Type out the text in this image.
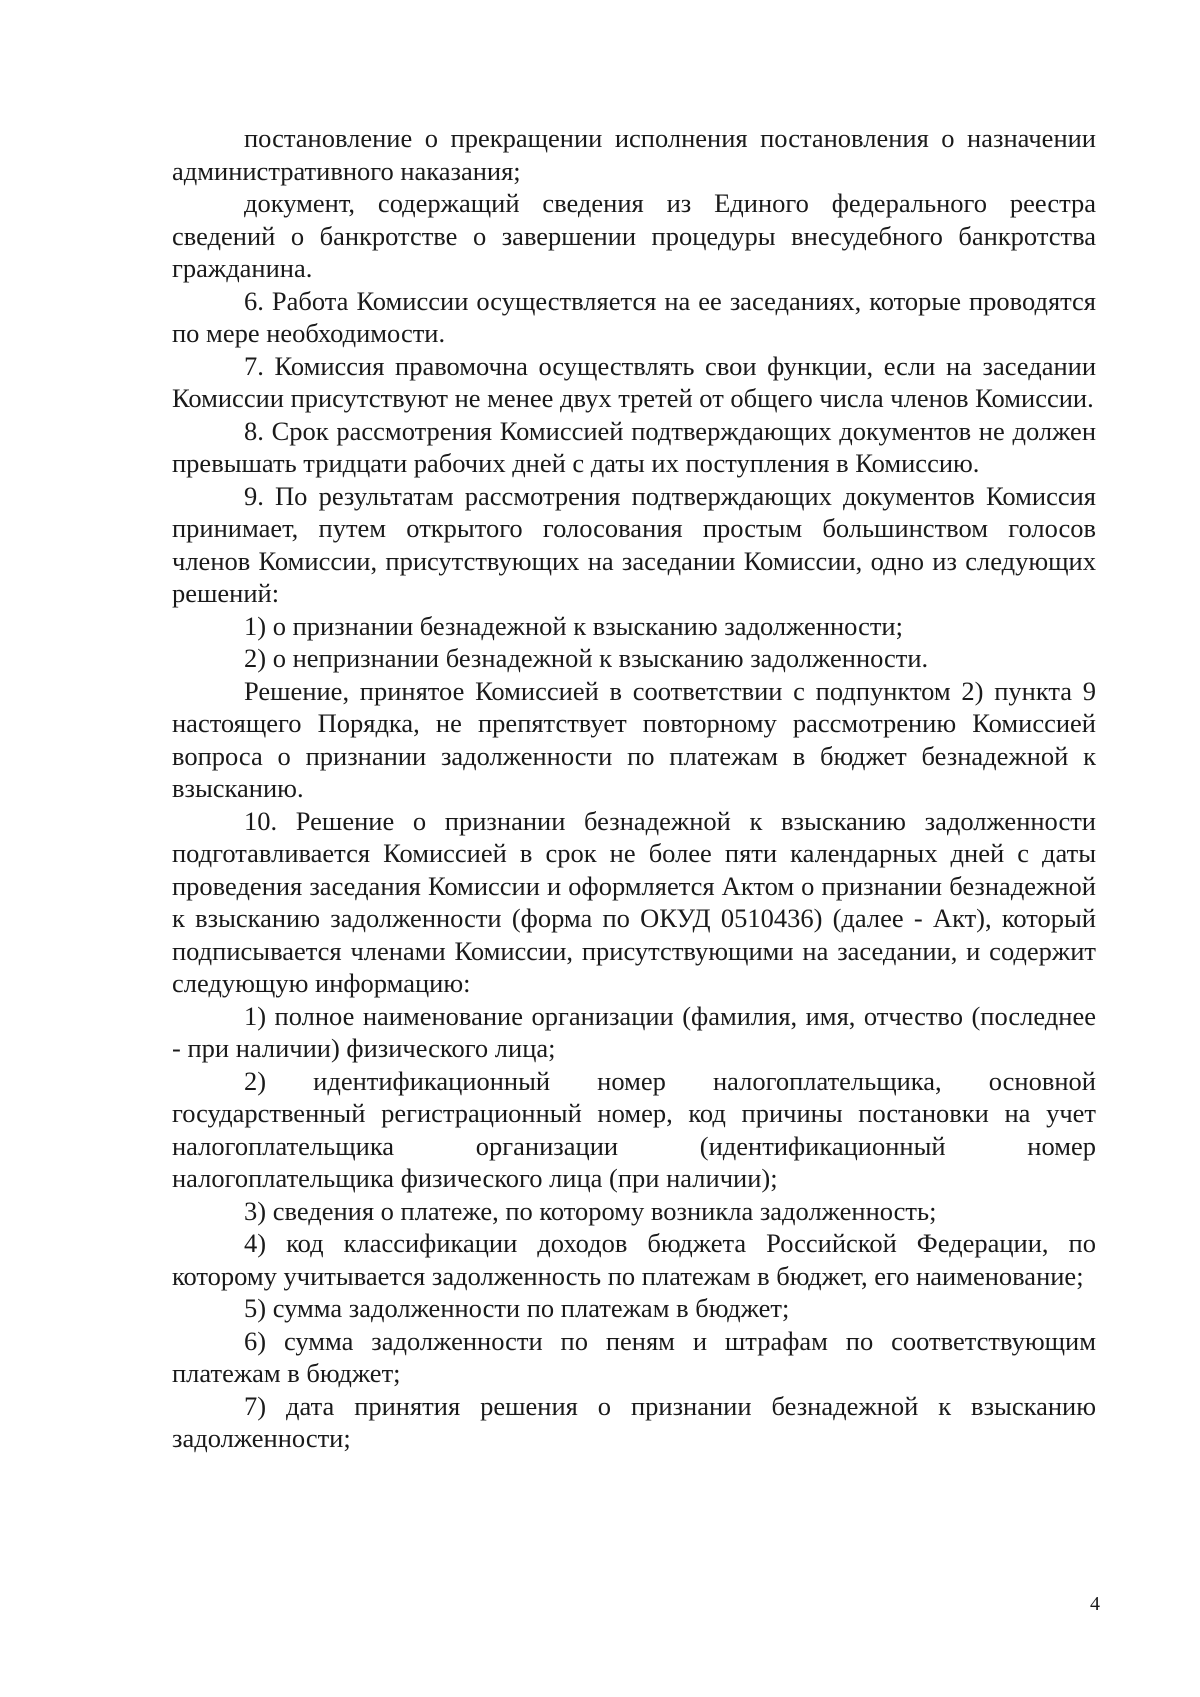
постановление о прекращении исполнения постановления о назначении административного наказания;

документ, содержащий сведения из Единого федерального реестра сведений о банкротстве о завершении процедуры внесудебного банкротства гражданина.

6. Работа Комиссии осуществляется на ее заседаниях, которые проводятся по мере необходимости.

7. Комиссия правомочна осуществлять свои функции, если на заседании Комиссии присутствуют не менее двух третей от общего числа членов Комиссии.

8. Срок рассмотрения Комиссией подтверждающих документов не должен превышать тридцати рабочих дней с даты их поступления в Комиссию.

9. По результатам рассмотрения подтверждающих документов Комиссия принимает, путем открытого голосования простым большинством голосов членов Комиссии, присутствующих на заседании Комиссии, одно из следующих решений:

1) о признании безнадежной к взысканию задолженности;

2) о непризнании безнадежной к взысканию задолженности.

Решение, принятое Комиссией в соответствии с подпунктом 2) пункта 9 настоящего Порядка, не препятствует повторному рассмотрению Комиссией вопроса о признании задолженности по платежам в бюджет безнадежной к взысканию.

10. Решение о признании безнадежной к взысканию задолженности подготавливается Комиссией в срок не более пяти календарных дней с даты проведения заседания Комиссии и оформляется Актом о признании безнадежной к взысканию задолженности (форма по ОКУД 0510436) (далее - Акт), который подписывается членами Комиссии, присутствующими на заседании, и содержит следующую информацию:

1) полное наименование организации (фамилия, имя, отчество (последнее - при наличии) физического лица;

2) идентификационный номер налогоплательщика, основной государственный регистрационный номер, код причины постановки на учет налогоплательщика организации (идентификационный номер налогоплательщика физического лица (при наличии);

3) сведения о платеже, по которому возникла задолженность;

4) код классификации доходов бюджета Российской Федерации, по которому учитывается задолженность по платежам в бюджет, его наименование;

5) сумма задолженности по платежам в бюджет;

6) сумма задолженности по пеням и штрафам по соответствующим платежам в бюджет;

7) дата принятия решения о признании безнадежной к взысканию задолженности;

4
